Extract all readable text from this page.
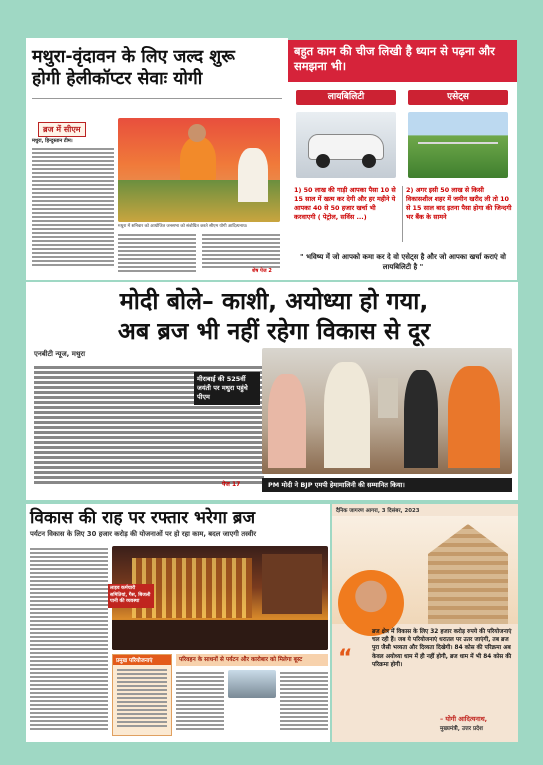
मथुरा-वृंदावन के लिए जल्द शुरू
होगी हेलीकॉप्टर सेवाः योगी
ब्रज में सीएम
मथुरा, हिन्दुस्तान टीम।
मथुरा में शनिवार को आयोजित जनसभा को संबोधित करते सीएम योगी आदित्यनाथ।
शेष पेज 2
बहुत काम की चीज लिखी है ध्यान से पढ़ना और समझना भी।
लायबिलिटी	एसेट्स
1) 50 लाख की गाड़ी आपका पैसा 10 से 15 साल में खत्म कर देगी और हर महीने ये आपका 40 से 50 हजार खर्चा भी करवाएगी ( पेट्रोल, सर्विस ...)
2) अगर इसी 50 लाख से किसी विकासशील शहर में जमीन खरीद ली तो 10 से 15 साल बाद इतना पैसा होगा की जिन्दगी भर बैंक के सामने
" भविष्य में जो आपको कमा कर दे वो एसेट्स है और जो आपका खर्चा कराएं वो लायबिलिटी है "
मोदी बोले– काशी, अयोध्या हो गया,
अब ब्रज भी नहीं रहेगा विकास से दूर
एनबीटी न्यूज, मथुरा
मीराबाई की 525वीं जयंती पर मथुरा पहुंचे पीएम
PM मोदी ने BJP एमपी हेमामालिनी की सम्मानित किया।
पेज 17
विकास की राह पर रफ्तार भरेगा ब्रज
पर्यटन विकास के लिए 30 हजार करोड़ की योजनाओं पर हो रहा काम, बदल जाएगी तस्वीर
लाइव कर्मचारी समितियां, गैस, बिजली पानी की व्यवस्था
प्रमुख परियोजनाएं	परिवहन के साधनों से पर्यटन और कारोबार को मिलेगा बूस्ट
दैनिक जागरण आगरा, 3 दिसंबर, 2023
“
ब्रज क्षेत्र में विकास के लिए 32 हजार करोड़ रुपये की परियोजनाएं चल रही हैं। जब ये परियोजनाएं धरातल पर उतर जाएंगी, तब ब्रज पुरा जैसी भव्यता और दिव्यता दिखेगी। 84 कोस की परिक्रमा अब केवल अयोध्या धाम में ही नहीं होगी, ब्रज धाम में भी 84 कोस की परिक्रमा होगी।
– योगी आदित्यनाथ,
मुख्यमंत्री, उत्तर प्रदेश
